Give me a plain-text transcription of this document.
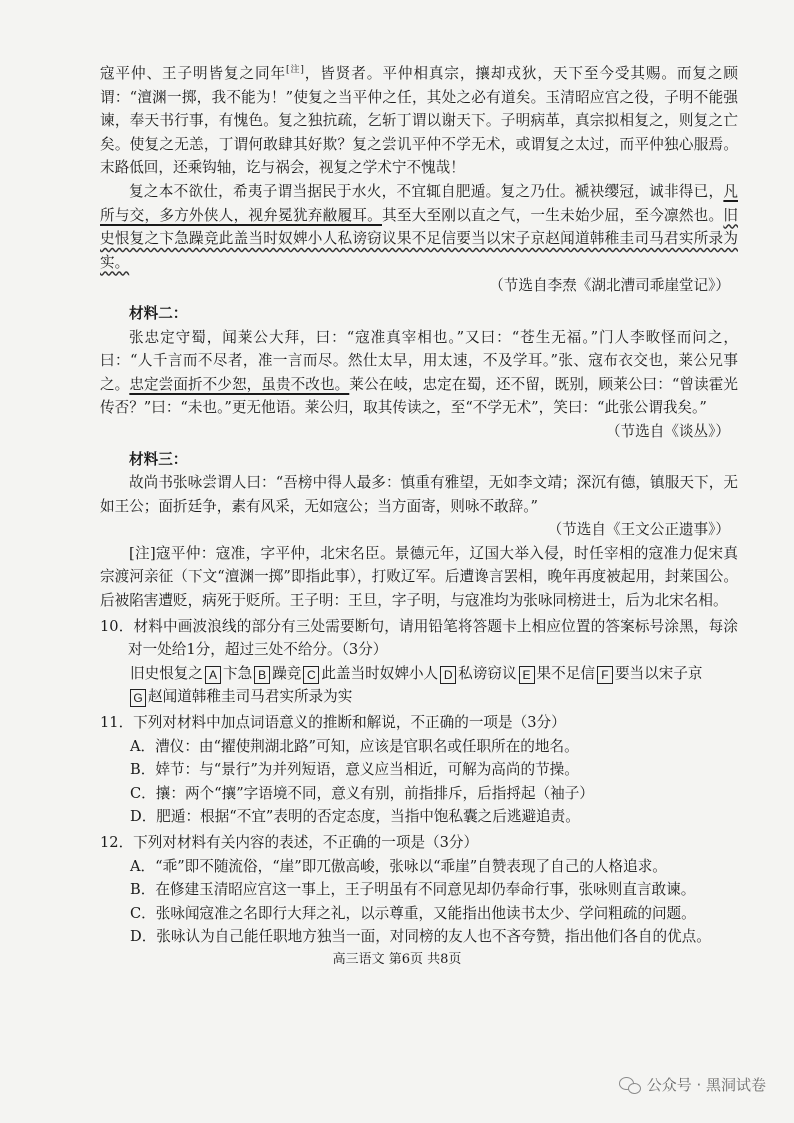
寇平仲、王子明皆复之同年[注]，皆贤者。平仲相真宗，攘却戎狄，天下至今受其赐。而复之顾谓：“澶渊一掷，我不能为！”使复之当平仲之任，其处之必有道矣。玉清昭应宫之役，子明不能强谏，奉天书行事，有愧色。复之独抗疏，乞斩丁谓以谢天下。子明病革，真宗拟相复之，则复之亡矣。使复之无恙，丁谓何敢肆其好欺？复之尝讥平仲不学无术，或谓复之太过，而平仲独心服焉。末路低回，还乘钩轴，讫与祸会，视复之学术宁不愧哉！

复之本不欲仕，希夷子谓当据民于水火，不宜辄自肥遁。复之乃仕。褫袂缨冠，诚非得已，凡所与交，多方外侠人，视弁冕犹弃敝履耳。其至大至刚以直之气，一生未始少屈，至今凛然也。旧史恨复之卞急躁竞此盖当时奴婢小人私谤窃议果不足信要当以宋子京赵闻道韩稚圭司马君实所录为实。

（节选自李焘《湖北漕司乖崖堂记》）

材料二：

张忠定守蜀，闻莱公大拜，曰：“寇准真宰相也。”又曰：“苍生无福。”门人李畋怪而问之，曰：“人千言而不尽者，准一言而尽。然仕太早，用太速，不及学耳。”张、寇布衣交也，莱公兄事之。忠定尝面折不少恕，虽贵不改也。莱公在岐，忠定在蜀，还不留，既别，顾莱公曰：“曾读霍光传否？”曰：“未也。”更无他语。莱公归，取其传读之，至“不学无术”，笑曰：“此张公谓我矣。”

（节选自《谈丛》）

材料三：

故尚书张咏尝谓人曰：“吾榜中得人最多：慎重有雅望，无如李文靖；深沉有德，镇服天下，无如王公；面折廷争，素有风采，无如寇公；当方面寄，则咏不敢辞。”

（节选自《王文公正遗事》）

[注]寇平仲：寇准，字平仲，北宋名臣。景德元年，辽国大举入侵，时任宰相的寇准力促宋真宗渡河亲征（下文“澶渊一掷”即指此事），打败辽军。后遭谗言罢相，晚年再度被起用，封莱国公。后被陷害遭贬，病死于贬所。王子明：王旦，字子明，与寇准均为张咏同榜进士，后为北宋名相。

10．材料中画波浪线的部分有三处需要断句，请用铅笔将答题卡上相应位置的答案标号涂黑，每涂对一处给1分，超过三处不给分。（3分）

旧史恨复之 A 卞急 B 躁竞 C 此盖当时奴婢小人 D 私谤窃议 E 果不足信 F 要当以宋子京
G 赵闻道韩稚圭司马君实所录为实

11．下列对材料中加点词语意义的推断和解说，不正确的一项是（3分）

A．漕仪：由“擢使荆湖北路”可知，应该是官职名或任职所在的地名。

B．婞节：与“景行”为并列短语，意义应当相近，可解为高尚的节操。

C．攘：两个“攘”字语境不同，意义有别，前指排斥，后指捋起（袖子）

D．肥遁：根据“不宜”表明的否定态度，当指中饱私囊之后逃避追责。

12．下列对材料有关内容的表述，不正确的一项是（3分）

A．“乖”即不随流俗，“崖”即兀傲高峻，张咏以“乖崖”自赞表现了自己的人格追求。

B．在修建玉清昭应宫这一事上，王子明虽有不同意见却仍奉命行事，张咏则直言敢谏。

C．张咏闻寇准之名即行大拜之礼，以示尊重，又能指出他读书太少、学问粗疏的问题。

D．张咏认为自己能任职地方独当一面，对同榜的友人也不吝夸赞，指出他们各自的优点。

高三语文 第6页 共8页
公众号 · 黑洞试卷
